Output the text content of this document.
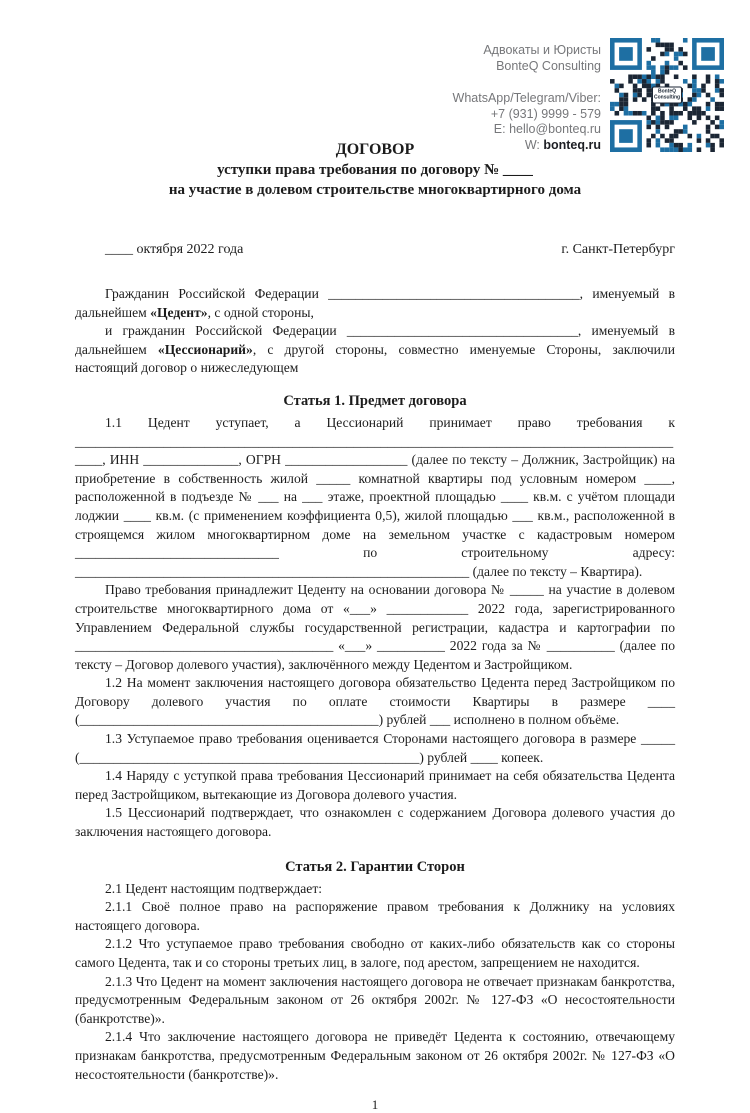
Адвокаты и Юристы
BonteQ Consulting
WhatsApp/Telegram/Viber:
+7 (931) 9999 - 579
E: hello@bonteq.ru
W: bonteq.ru
BonteQ Consulting
ДОГОВОР
уступки права требования по договору № ____
на участие в долевом строительстве многоквартирного дома
____ октября 2022 года	г. Санкт-Петербург

Гражданин Российской Федерации _____________________________________, именуемый в дальнейшем «Цедент», с одной стороны,

и гражданин Российской Федерации __________________________________, именуемый в дальнейшем «Цессионарий», с другой стороны, совместно именуемые Стороны, заключили настоящий договор о нижеследующем

Статья 1. Предмет договора

1.1 Цедент уступает, а Цессионарий принимает право требования к ____________________________________________________________________________________________, ИНН ______________, ОГРН __________________ (далее по тексту – Должник, Застройщик) на приобретение в собственность жилой _____ комнатной квартиры под условным номером ____, расположенной в подъезде № ___ на ___ этаже, проектной площадью ____ кв.м. с учётом площади лоджии ____ кв.м. (с применением коэффициента 0,5), жилой площадью ___ кв.м., расположенной в строящемся жилом многоквартирном доме на земельном участке с кадастровым номером ______________________________ по строительному адресу: __________________________________________________________ (далее по тексту – Квартира).

Право требования принадлежит Цеденту на основании договора № _____ на участие в долевом строительстве многоквартирного дома от «___» ____________ 2022 года, зарегистрированного Управлением Федеральной службы государственной регистрации, кадастра и картографии по ______________________________________ «___» __________ 2022 года за № __________ (далее по тексту – Договор долевого участия), заключённого между Цедентом и Застройщиком.

1.2 На момент заключения настоящего договора обязательство Цедента перед Застройщиком по Договору долевого участия по оплате стоимости Квартиры в размере ____ (____________________________________________) рублей ___ исполнено в полном объёме.

1.3 Уступаемое право требования оценивается Сторонами настоящего договора в размере _____ (__________________________________________________) рублей ____ копеек.

1.4 Наряду с уступкой права требования Цессионарий принимает на себя обязательства Цедента перед Застройщиком, вытекающие из Договора долевого участия.

1.5 Цессионарий подтверждает, что ознакомлен с содержанием Договора долевого участия до заключения настоящего договора.

Статья 2. Гарантии Сторон

2.1 Цедент настоящим подтверждает:

2.1.1 Своё полное право на распоряжение правом требования к Должнику на условиях настоящего договора.

2.1.2 Что уступаемое право требования свободно от каких-либо обязательств как со стороны самого Цедента, так и со стороны третьих лиц, в залоге, под арестом, запрещением не находится.

2.1.3 Что Цедент на момент заключения настоящего договора не отвечает признакам банкротства, предусмотренным Федеральным законом от 26 октября 2002г. № 127-ФЗ «О несостоятельности (банкротстве)».

2.1.4 Что заключение настоящего договора не приведёт Цедента к состоянию, отвечающему признакам банкротства, предусмотренным Федеральным законом от 26 октября 2002г. № 127-ФЗ «О несостоятельности (банкротстве)».

1
